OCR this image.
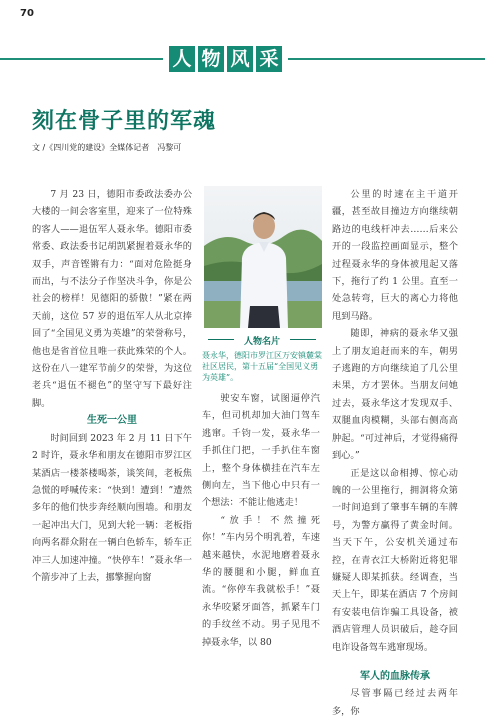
70
人 物 风 采
刻在骨子里的军魂
文 /《四川党的建设》全媒体记者　冯黎可

7 月 23 日，德阳市委政法委办公大楼的一间会客室里，迎来了一位特殊的客人——退伍军人聂永华。德阳市委常委、政法委书记胡凯紧握着聂永华的双手，声音铿锵有力：“面对危险挺身而出，与不法分子作坚决斗争，你是公社会的榜样！见德阳的骄傲！”紧在两天前，这位 57 岁的退伍军人从北京捧回了“全国见义勇为英雄”的荣誉称号，他也是省首位且唯一获此殊荣的个人。这份在八一建军节前夕的荣誉，为这位老兵“退伍不褪色”的坚守写下最好注脚。

生死一公里

时间回到 2023 年 2 月 11 日下午 2 时许，聂永华和朋友在德阳市罗江区某酒店一楼茶楼喝茶，谈笑间，老板焦急慌的呼喊传来：“快到！遭到！”遭然多年的他们快步奔经顺向围墙。和朋友一起冲出大门，见到大轮一辆：老板指向两名群众附在一辆白色轿车，轿车正冲三人加速冲撞。“快停车！”聂永华一个箭步冲了上去，挪擎握向窗

人物名片
聂永华，德阳市罗江区万安镇麓棠社区居民，第十五届“全国见义勇为英雄”。

驶安车窗，试图逼停汽车，但司机却加大油门驾车逃窜。千钧一发，聂永华一手抓住门把，一手扒住车窗上，整个身体横挂在汽车左侧向左，当下他心中只有一个想法：不能让他逃走！

“放手！不然撞死你！”车内另个明乳着，车速越来越快，水泥地磨着聂永华的腰腿和小腿，鲜血直流。“你停车我就松手！”聂永华咬紧牙面答，抓紧车门的手纹丝不动。男子见甩不掉聂永华，以 80

公里的时速在主干道开疆，甚至故目撞边方向继续朝路边的电线杆冲去……后来公开的一段监控画面显示，整个过程聂永华的身体被甩起又落下，拖行了约 1 公里。直至一处急转弯，巨大的离心力将他甩到马路。

随即，神病的聂永华又强上了朋友追赶而来的车，朝男子逃跑的方向继续追了几公里未果，方才罢休。当朋友问她过去，聂永华这才发现双手、双腿血肉模糊，头部右侧高高肿起。“可过神后，才觉得痛得到心。”

正是这以命相搏、惊心动魄的一公里拖行，拥洞将众第一时间追到了肇事车辆的车牌号，为警方赢得了黄金时间。当天下午，公安机关通过布控，在青衣江大桥附近将犯罪嫌疑人即某抓获。经调查，当天上午，即某在酒店 7 个房间有安装电信诈骗工具设备，被酒店管理人员识破后，趁夺回电诈设备驾车逃窜现场。

军人的血脉传承

尽管事隔已经过去两年多，你
